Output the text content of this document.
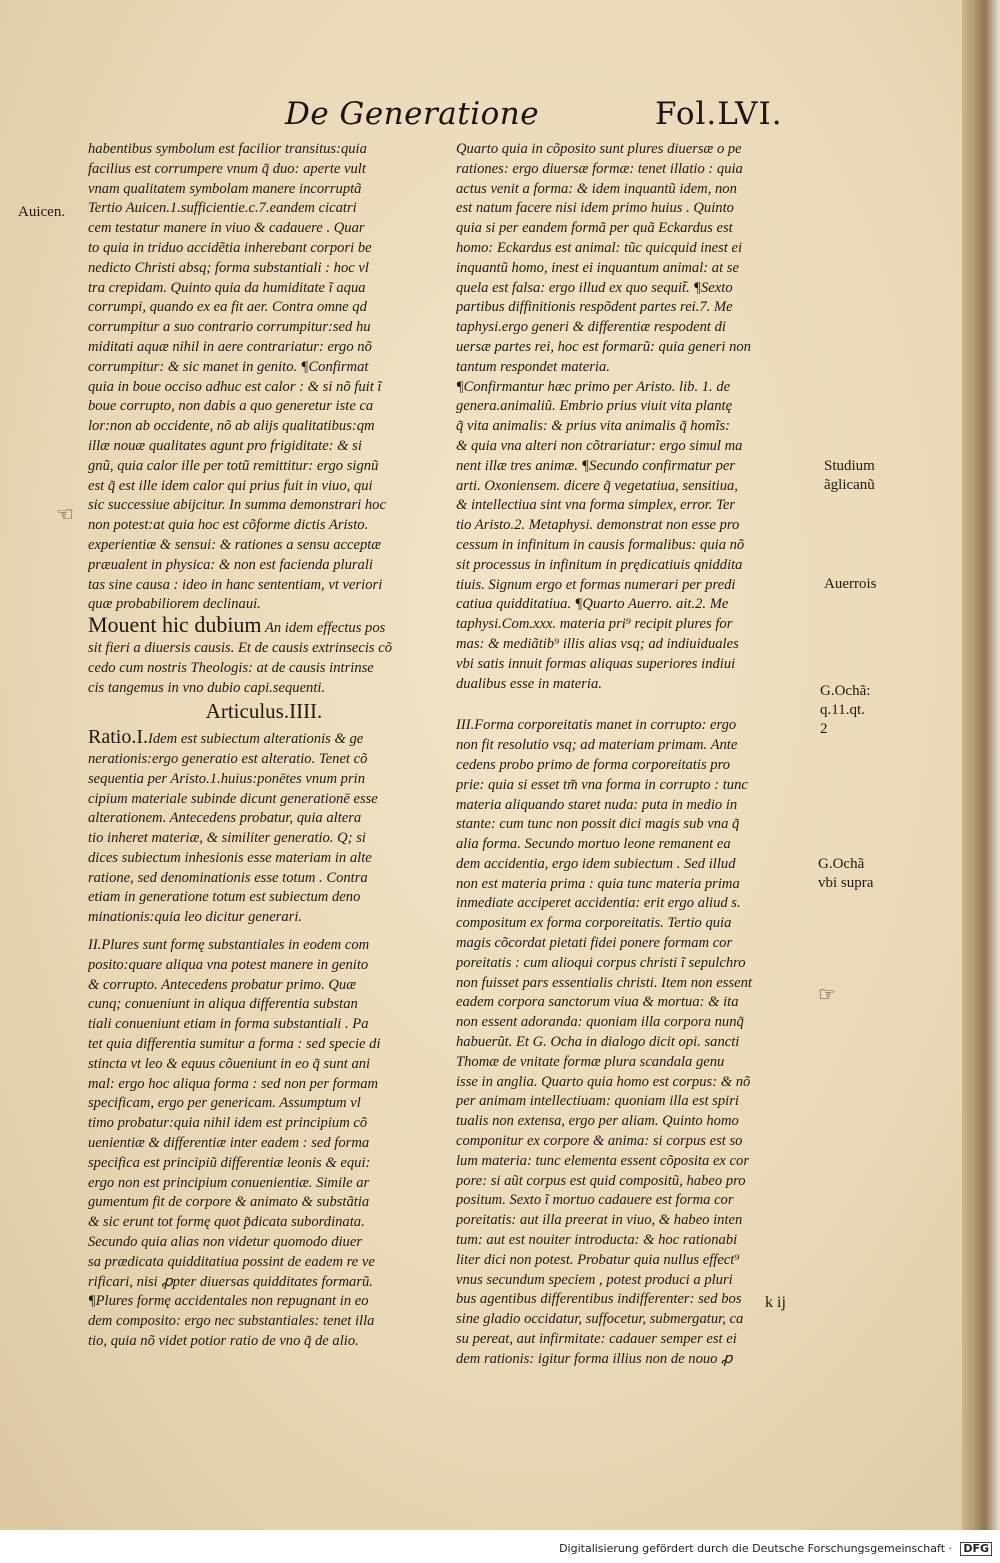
De Generatione	Fol.LVI.
habentibus symbolum est facilior transitus:quia
facilius est corrumpere vnum q̃ duo: aperte vult
vnam qualitatem symbolam manere incorruptã
Tertio Auicen.1.sufficientie.c.7.eandem cicatri
cem testatur manere in viuo & cadauere . Quar
to quia in triduo accidẽtia inherebant corpori be
nedicto Christi absq; forma substantiali : hoc vl
tra crepidam. Quinto quia da humiditate ĩ aqua
corrumpi, quando ex ea fit aer. Contra omne qd
corrumpitur a suo contrario corrumpitur:sed hu
miditati aquæ nihil in aere contrariatur: ergo nõ
corrumpitur: & sic manet in genito. ¶Confirmat
quia in boue occiso adhuc est calor : & si nõ fuit ĩ
boue corrupto, non dabis a quo generetur iste ca
lor:non ab occidente, nõ ab alijs qualitatibus:qm
illæ nouæ qualitates agunt pro frigiditate: & si
gnũ, quia calor ille per totũ remittitur: ergo signũ
est q̃ est ille idem calor qui prius fuit in viuo, qui
sic successiue abijcitur. In summa demonstrari hoc
non potest:at quia hoc est cõforme dictis Aristo.
experientiæ & sensui: & rationes a sensu acceptæ
præualent in physica: & non est facienda plurali
tas sine causa : ideo in hanc sententiam, vt veriori
quæ probabiliorem declinaui.
Mouent hic dubium An idem effectus pos
sit fieri a diuersis causis. Et de causis extrinsecis cõ
cedo cum nostris Theologis: at de causis intrinse
cis tangemus in vno dubio capi.sequenti.
Articulus.IIII.
Ratio.I.Idem est subiectum alterationis & ge
nerationis:ergo generatio est alteratio. Tenet cõ
sequentia per Aristo.1.huius:ponētes vnum prin
cipium materiale subinde dicunt generationē esse
alterationem. Antecedens probatur, quia altera
tio inheret materiæ, & similiter generatio. Q; si
dices subiectum inhesionis esse materiam in alte
ratione, sed denominationis esse totum . Contra
etiam in generatione totum est subiectum deno
minationis:quia leo dicitur generari.
II.Plures sunt formę substantiales in eodem com
posito:quare aliqua vna potest manere in genito
& corrupto. Antecedens probatur primo. Quæ
cunq; conueniunt in aliqua differentia substan
tiali conueniunt etiam in forma substantiali . Pa
tet quia differentia sumitur a forma : sed specie di
stincta vt leo & equus cõueniunt in eo q̃ sunt ani
mal: ergo hoc aliqua forma : sed non per formam
specificam, ergo per genericam. Assumptum vl
timo probatur:quia nihil idem est principium cõ
uenientiæ & differentiæ inter eadem : sed forma
specifica est principiũ differentiæ leonis & equi:
ergo non est principium conuenientiæ. Simile ar
gumentum fit de corpore & animato & substãtia
& sic erunt tot formę quot p̃dicata subordinata.
Secundo quia alias non videtur quomodo diuer
sa prædicata quidditatiua possint de eadem re ve
rificari, nisi ꝓpter diuersas quidditates formarũ.
¶Plures formę accidentales non repugnant in eo
dem composito: ergo nec substantiales: tenet illa
tio, quia nõ videt potior ratio de vno q̃ de alio.
Quarto quia in cõposito sunt plures diuersæ o pe
rationes: ergo diuersæ formæ: tenet illatio : quia
actus venit a forma: & idem inquantũ idem, non
est natum facere nisi idem primo huius . Quinto
quia si per eandem formã per quã Eckardus est
homo: Eckardus est animal: tũc quicquid inest ei
inquantũ homo, inest ei inquantum animal: at se
quela est falsa: ergo illud ex quo sequit̃. ¶Sexto
partibus diffinitionis respõdent partes rei.7. Me
taphysi.ergo generi & differentiæ respodent di
uersæ partes rei, hoc est formarũ: quia generi non
tantum respondet materia.
¶Confirmantur hæc primo per Aristo. lib. 1. de
genera.animaliũ. Embrio prius viuit vita plantę
q̃ vita animalis: & prius vita animalis q̃ homĩs:
& quia vna alteri non cõtrariatur: ergo simul ma
nent illæ tres animæ. ¶Secundo confirmatur per
arti. Oxoniensem. dicere q̃ vegetatiua, sensitiua,
& intellectiua sint vna forma simplex, error. Ter
tio Aristo.2. Metaphysi. demonstrat non esse pro
cessum in infinitum in causis formalibus: quia nõ
sit processus in infinitum in prędicatiuis qniddita
tiuis. Signum ergo et formas numerari per predi
catiua quidditatiua. ¶Quarto Auerro. ait.2. Me
taphysi.Com.xxx. materia pri⁹ recipit plures for
mas: & mediãtib⁹ illis alias vsq; ad indiuiduales
vbi satis innuit formas aliquas superiores indiui
dualibus esse in materia.
III.Forma corporeitatis manet in corrupto: ergo
non fit resolutio vsq; ad materiam primam. Ante
cedens probo primo de forma corporeitatis pro
prie: quia si esset tm̃ vna forma in corrupto : tunc
materia aliquando staret nuda: puta in medio in
stante: cum tunc non possit dici magis sub vna q̃
alia forma. Secundo mortuo leone remanent ea
dem accidentia, ergo idem subiectum . Sed illud
non est materia prima : quia tunc materia prima
inmediate acciperet accidentia: erit ergo aliud s.
compositum ex forma corporeitatis. Tertio quia
magis cõcordat pietati fidei ponere formam cor
poreitatis : cum alioqui corpus christi ĩ sepulchro
non fuisset pars essentialis christi. Item non essent
eadem corpora sanctorum viua & mortua: & ita
non essent adoranda: quoniam illa corpora nunq̃
habuerũt. Et G. Ocha in dialogo dicit opi. sancti
Thomæ de vnitate formæ plura scandala genu
isse in anglia. Quarto quia homo est corpus: & nõ
per animam intellectiuam: quoniam illa est spiri
tualis non extensa, ergo per aliam. Quinto homo
componitur ex corpore & anima: si corpus est so
lum materia: tunc elementa essent cõposita ex cor
pore: si aũt corpus est quid compositũ, habeo pro
positum. Sexto ĩ mortuo cadauere est forma cor
poreitatis: aut illa preerat in viuo, & habeo inten
tum: aut est nouiter introducta: & hoc rationabi
liter dici non potest. Probatur quia nullus effect⁹
vnus secundum speciem , potest produci a pluri
bus agentibus differentibus indifferenter: sed bos
sine gladio occidatur, suffocetur, submergatur, ca
su pereat, aut infirmitate: cadauer semper est ei
dem rationis: igitur forma illius non de nouo ꝓ
k ij
Auicen.
Studium
ãglicanũ
Auerrois
G.Ochã:
q.11.qt.
2
G.Ochã
vbi supra
☜
☞
Digitalisierung gefördert durch die Deutsche Forschungsgemeinschaft · DFG
